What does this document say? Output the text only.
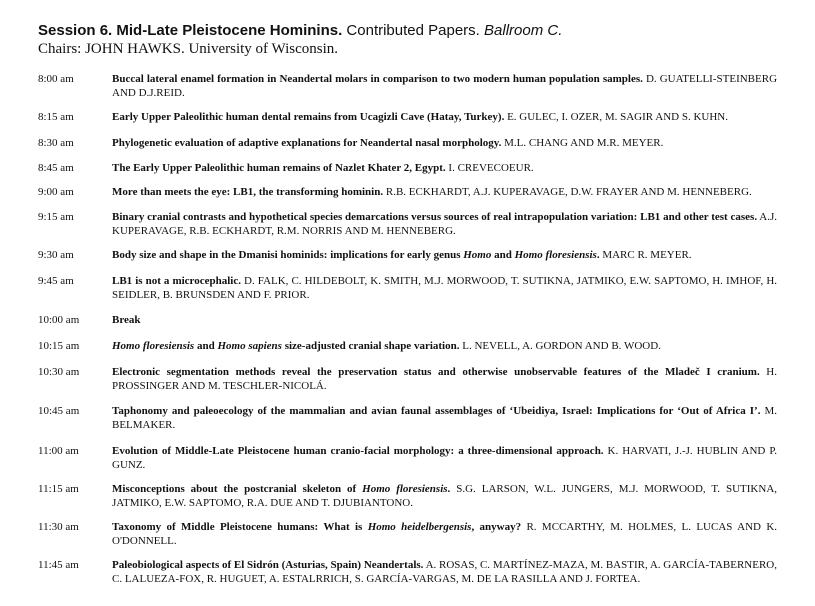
Session 6. Mid-Late Pleistocene Hominins. Contributed Papers. Ballroom C.
Chairs: JOHN HAWKS. University of Wisconsin.
8:00 am	Buccal lateral enamel formation in Neandertal molars in comparison to two modern human population samples. D. GUATELLI-STEINBERG AND D.J.REID.
8:15 am	Early Upper Paleolithic human dental remains from Ucagizli Cave (Hatay, Turkey). E. GULEC, I. OZER, M. SAGIR AND S. KUHN.
8:30 am	Phylogenetic evaluation of adaptive explanations for Neandertal nasal morphology. M.L. CHANG AND M.R. MEYER.
8:45 am	The Early Upper Paleolithic human remains of Nazlet Khater 2, Egypt. I. CREVECOEUR.
9:00 am	More than meets the eye: LB1, the transforming hominin. R.B. ECKHARDT, A.J. KUPERAVAGE, D.W. FRAYER AND M. HENNEBERG.
9:15 am	Binary cranial contrasts and hypothetical species demarcations versus sources of real intrapopulation variation: LB1 and other test cases. A.J. KUPERAVAGE, R.B. ECKHARDT, R.M. NORRIS AND M. HENNEBERG.
9:30 am	Body size and shape in the Dmanisi hominids: implications for early genus Homo and Homo floresiensis. MARC R. MEYER.
9:45 am	LB1 is not a microcephalic. D. FALK, C. HILDEBOLT, K. SMITH, M.J. MORWOOD, T. SUTIKNA, JATMIKO, E.W. SAPTOMO, H. IMHOF, H. SEIDLER, B. BRUNSDEN AND F. PRIOR.
10:00 am	Break
10:15 am	Homo floresiensis and Homo sapiens size-adjusted cranial shape variation. L. NEVELL, A. GORDON AND B. WOOD.
10:30 am	Electronic segmentation methods reveal the preservation status and otherwise unobservable features of the Mladeč I cranium. H. PROSSINGER AND M. TESCHLER-NICOLÁ.
10:45 am	Taphonomy and paleoecology of the mammalian and avian faunal assemblages of ‘Ubeidiya, Israel: Implications for ‘Out of Africa I’. M. BELMAKER.
11:00 am	Evolution of Middle-Late Pleistocene human cranio-facial morphology: a three-dimensional approach. K. HARVATI, J.-J. HUBLIN AND P. GUNZ.
11:15 am	Misconceptions about the postcranial skeleton of Homo floresiensis. S.G. LARSON, W.L. JUNGERS, M.J. MORWOOD, T. SUTIKNA, JATMIKO, E.W. SAPTOMO, R.A. DUE AND T. DJUBIANTONO.
11:30 am	Taxonomy of Middle Pleistocene humans: What is Homo heidelbergensis, anyway? R. MCCARTHY, M. HOLMES, L. LUCAS AND K. O'DONNELL.
11:45 am	Paleobiological aspects of El Sidrón (Asturias, Spain) Neandertals. A. ROSAS, C. MARTÍNEZ-MAZA, M. BASTIR, A. GARCÍA-TABERNERO, C. LALUEZA-FOX, R. HUGUET, A. ESTALRRICH, S. GARCÍA-VARGAS, M. DE LA RASILLA AND J. FORTEA.
